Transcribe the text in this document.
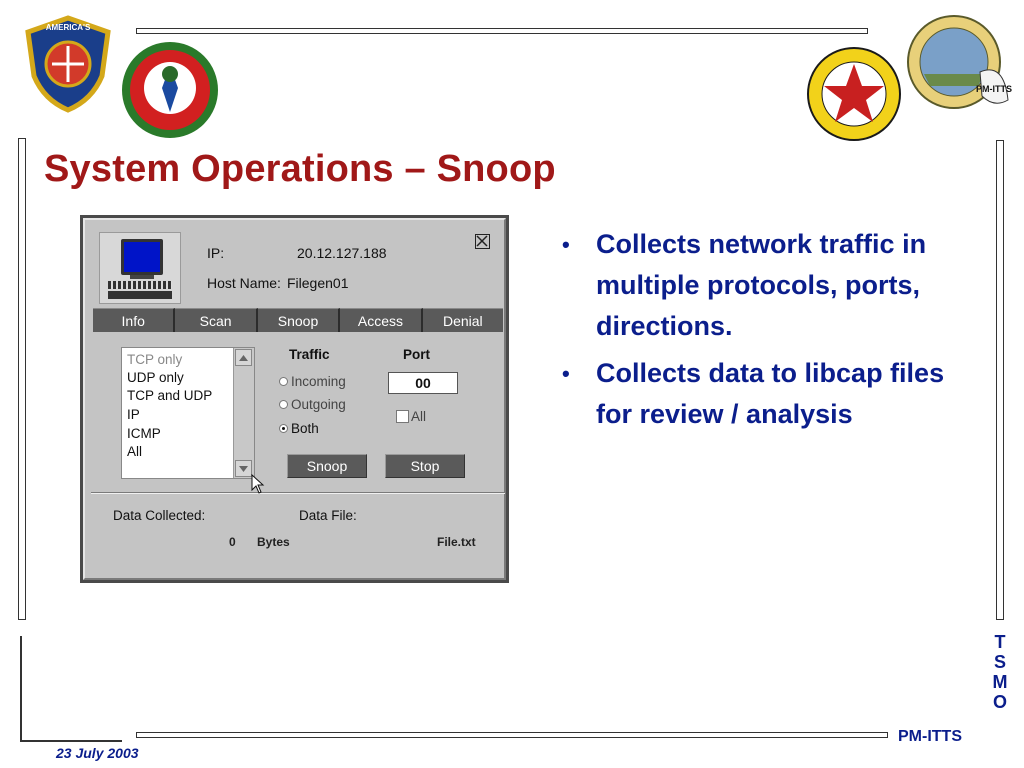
AMERICA'S
PM-ITTS
System Operations – Snoop
IP:	20.12.127.188
Host Name: Filegen01
Info	Scan	Snoop	Access	Denial
TCP only
UDP only
TCP and UDP
IP
ICMP
All
Traffic
Incoming
Outgoing
Both
Port
00
All
Snoop	Stop
Data Collected:	Data File:
0 Bytes	File.txt
• Collects network traffic in multiple protocols, ports, directions.
• Collects data to libcap files for review / analysis
T
S
M
O
PM-ITTS
23 July 2003
